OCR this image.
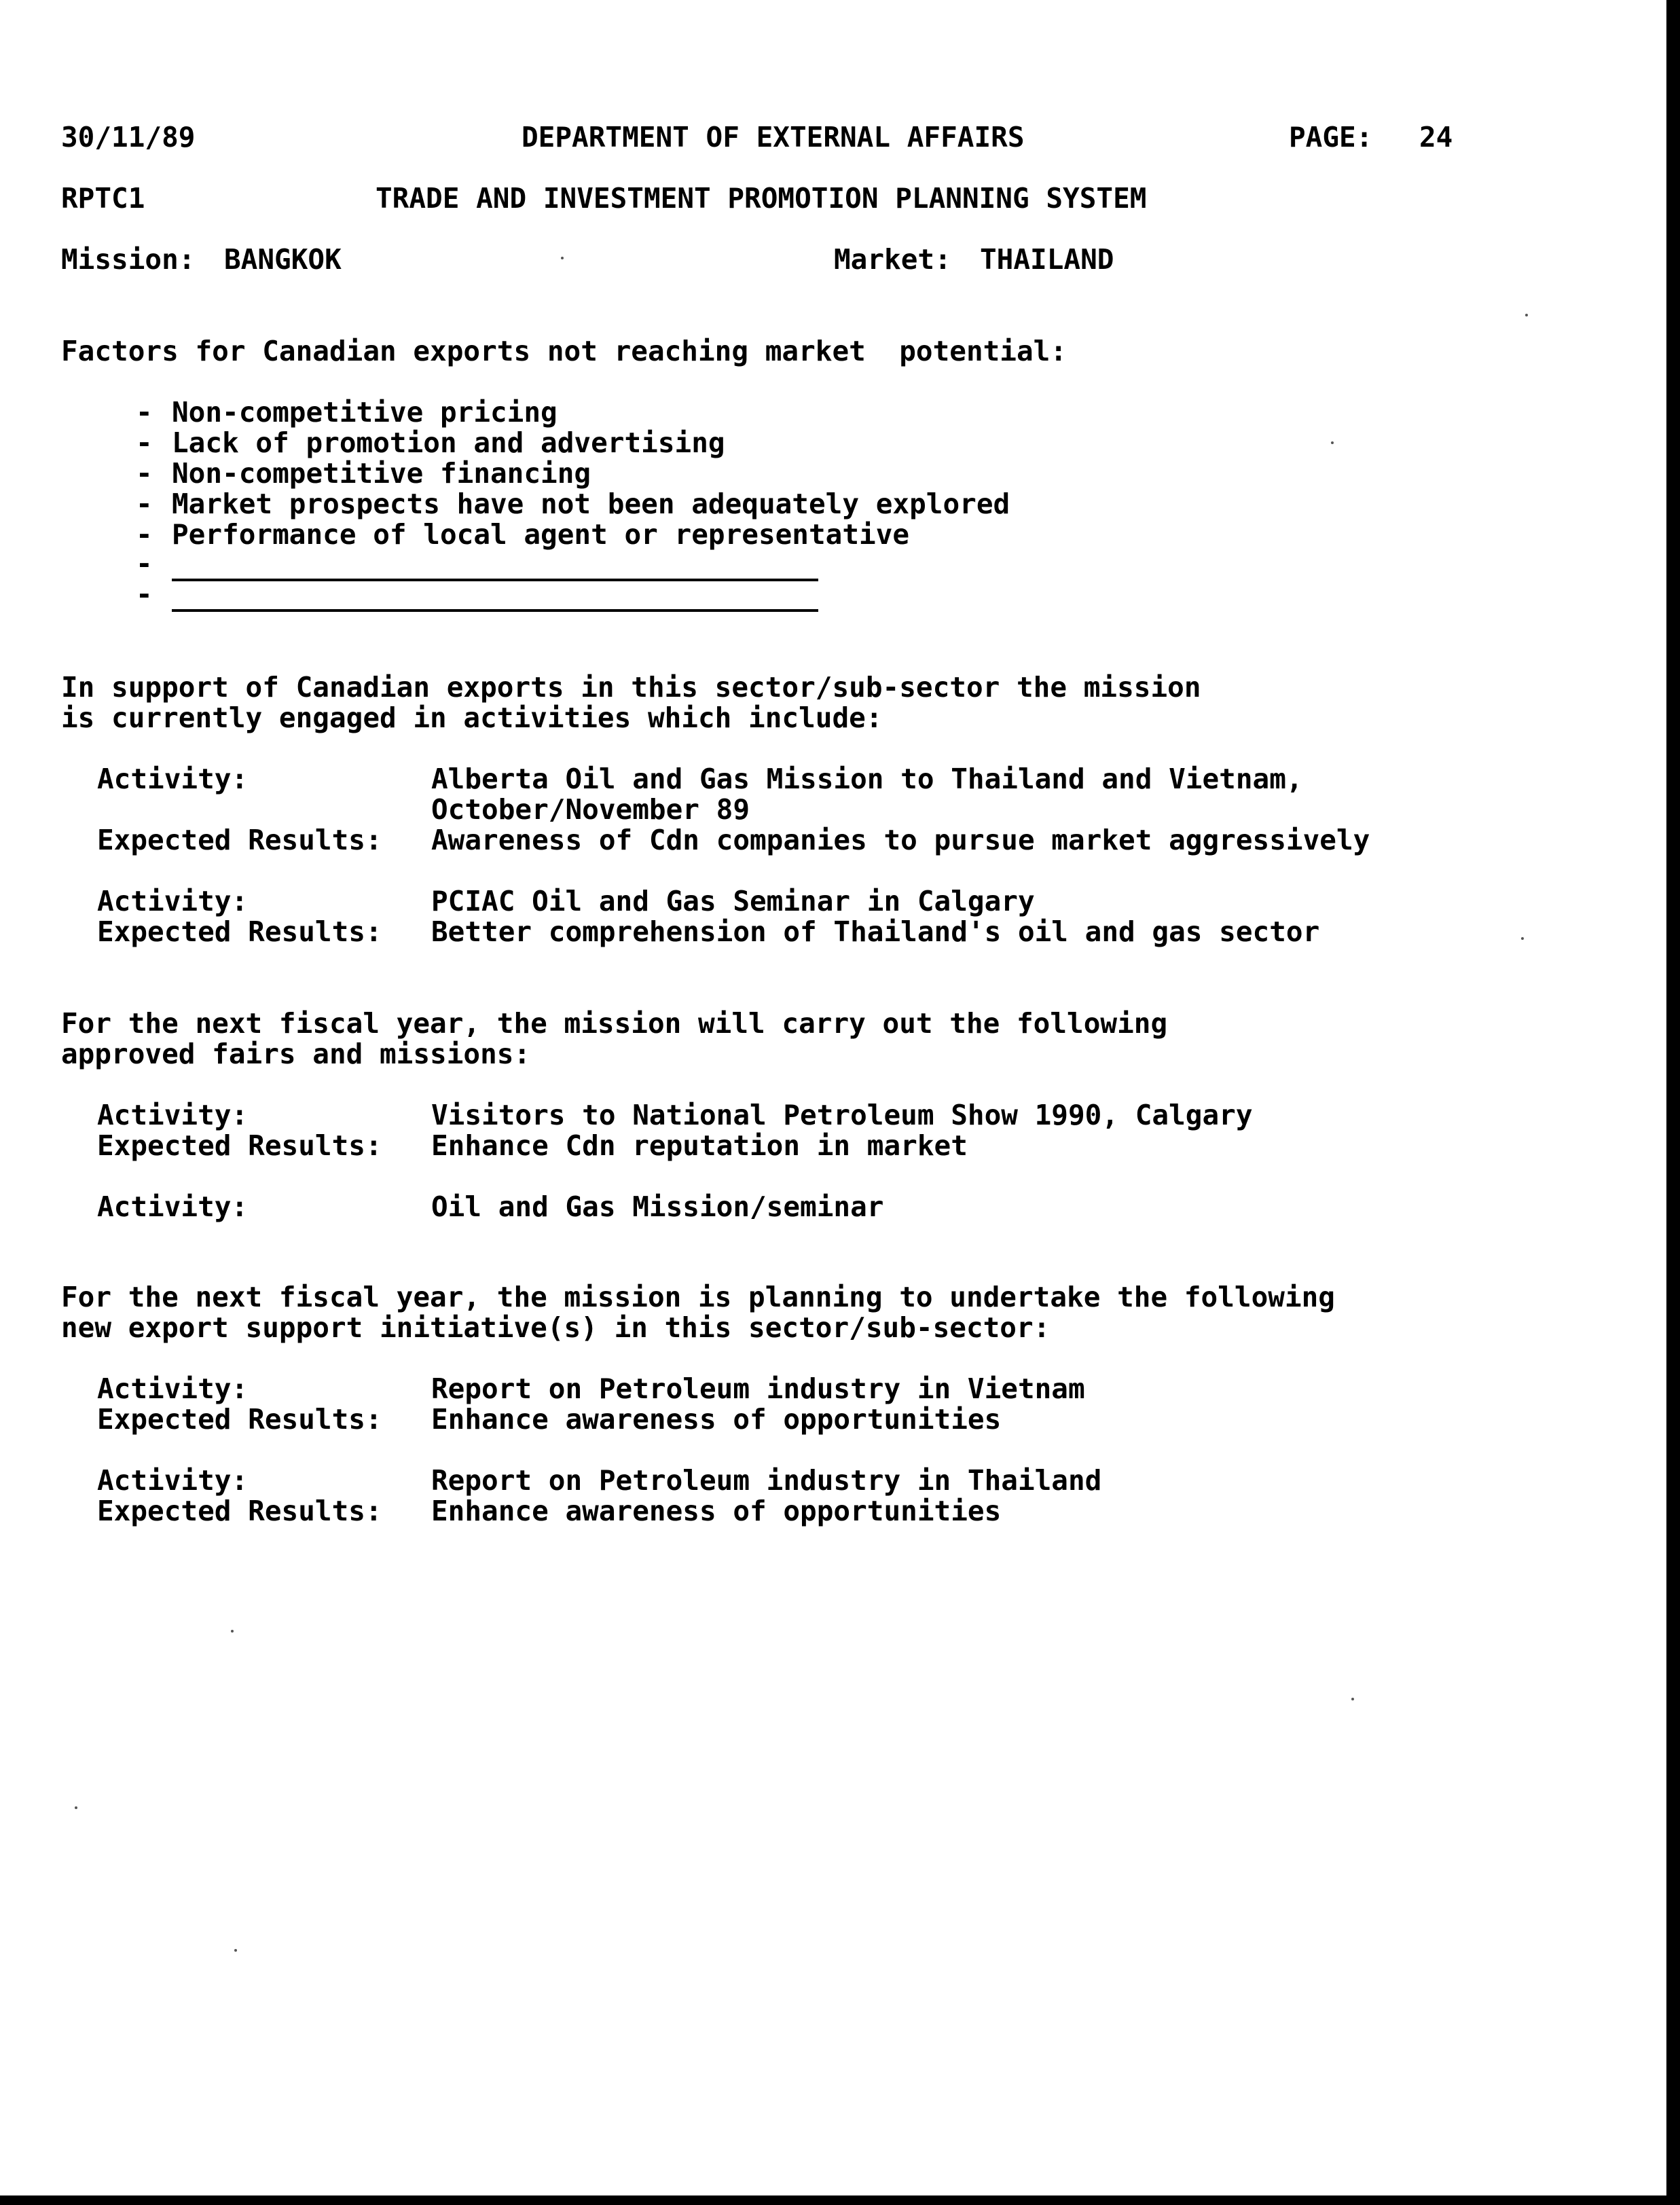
30/11/89	DEPARTMENT OF EXTERNAL AFFAIRS	PAGE: 24
RPTC1	TRADE AND INVESTMENT PROMOTION PLANNING SYSTEM
Mission: BANGKOK	Market: THAILAND
Factors for Canadian exports not reaching market  potential:
- Non-competitive pricing
- Lack of promotion and advertising
- Non-competitive financing
- Market prospects have not been adequately explored
- Performance of local agent or representative
-
-
In support of Canadian exports in this sector/sub-sector the mission
is currently engaged in activities which include:
Activity:	Alberta Oil and Gas Mission to Thailand and Vietnam,
October/November 89
Expected Results: Awareness of Cdn companies to pursue market aggressively
Activity:	PCIAC Oil and Gas Seminar in Calgary
Expected Results: Better comprehension of Thailand's oil and gas sector
For the next fiscal year, the mission will carry out the following
approved fairs and missions:
Activity:	Visitors to National Petroleum Show 1990, Calgary
Expected Results: Enhance Cdn reputation in market
Activity:	Oil and Gas Mission/seminar
For the next fiscal year, the mission is planning to undertake the following
new export support initiative(s) in this sector/sub-sector:
Activity:	Report on Petroleum industry in Vietnam
Expected Results: Enhance awareness of opportunities
Activity:	Report on Petroleum industry in Thailand
Expected Results: Enhance awareness of opportunities
